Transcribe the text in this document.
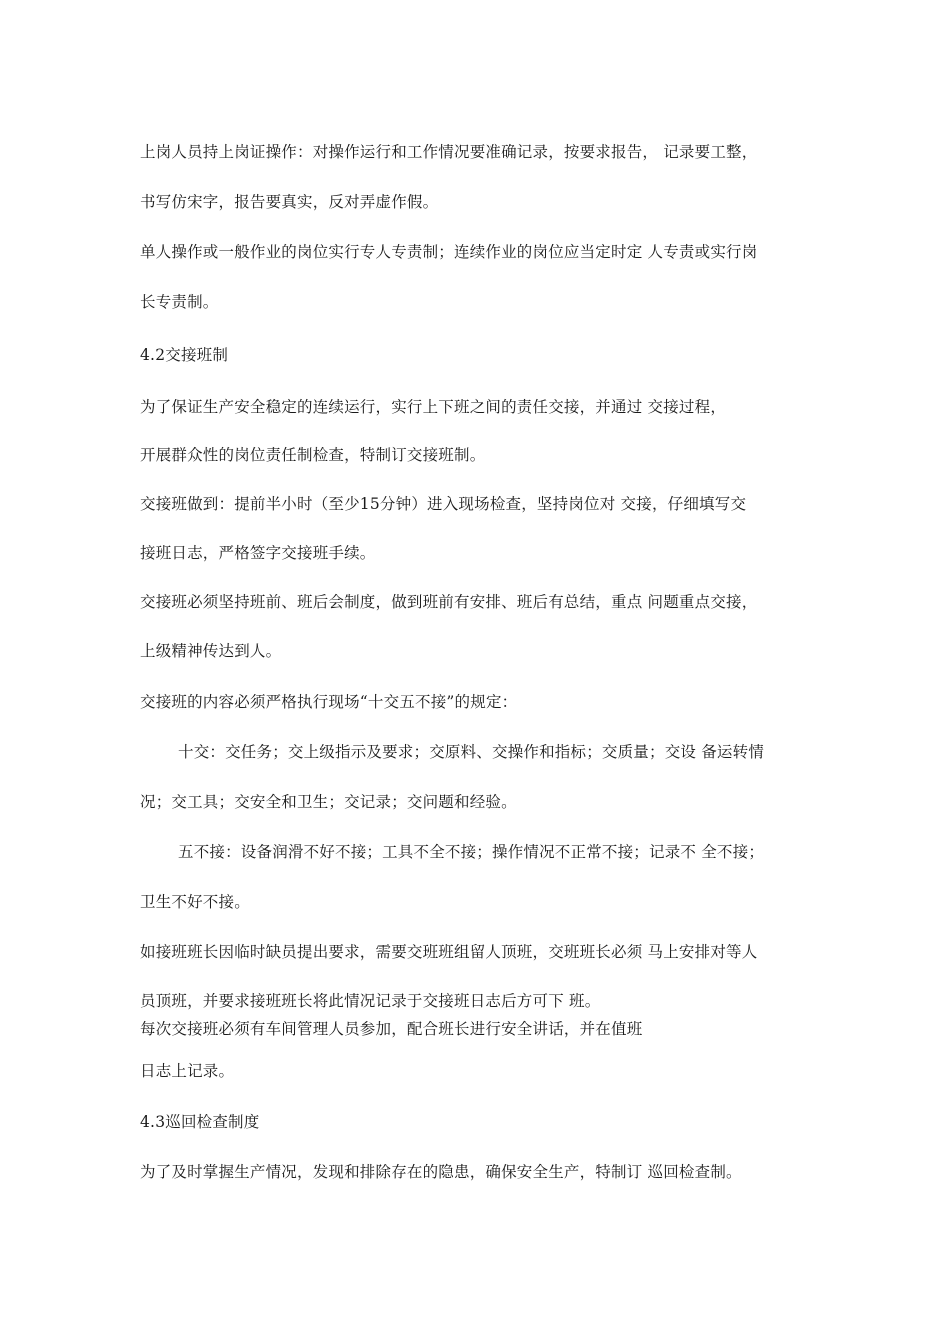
上岗人员持上岗证操作：对操作运行和工作情况要准确记录，按要求报告， 记录要工整，
书写仿宋字，报告要真实，反对弄虚作假。
单人操作或一般作业的岗位实行专人专责制；连续作业的岗位应当定时定 人专责或实行岗
长专责制。
4.2交接班制
为了保证生产安全稳定的连续运行，实行上下班之间的责任交接，并通过 交接过程，
开展群众性的岗位责任制检查，特制订交接班制。
交接班做到：提前半小时（至少15分钟）进入现场检查，坚持岗位对 交接，仔细填写交
接班日志，严格签字交接班手续。
交接班必须坚持班前、班后会制度，做到班前有安排、班后有总结，重点 问题重点交接，
上级精神传达到人。
交接班的内容必须严格执行现场“十交五不接”的规定：
十交：交任务；交上级指示及要求；交原料、交操作和指标；交质量；交设 备运转情
况；交工具；交安全和卫生；交记录；交问题和经验。
五不接：设备润滑不好不接；工具不全不接；操作情况不正常不接；记录不 全不接；
卫生不好不接。
如接班班长因临时缺员提出要求，需要交班班组留人顶班，交班班长必须 马上安排对等人
员顶班，并要求接班班长将此情况记录于交接班日志后方可下 班。
每次交接班必须有车间管理人员参加，配合班长进行安全讲话，并在值班
日志上记录。
4.3巡回检查制度
为了及时掌握生产情况，发现和排除存在的隐患，确保安全生产，特制订 巡回检查制。
